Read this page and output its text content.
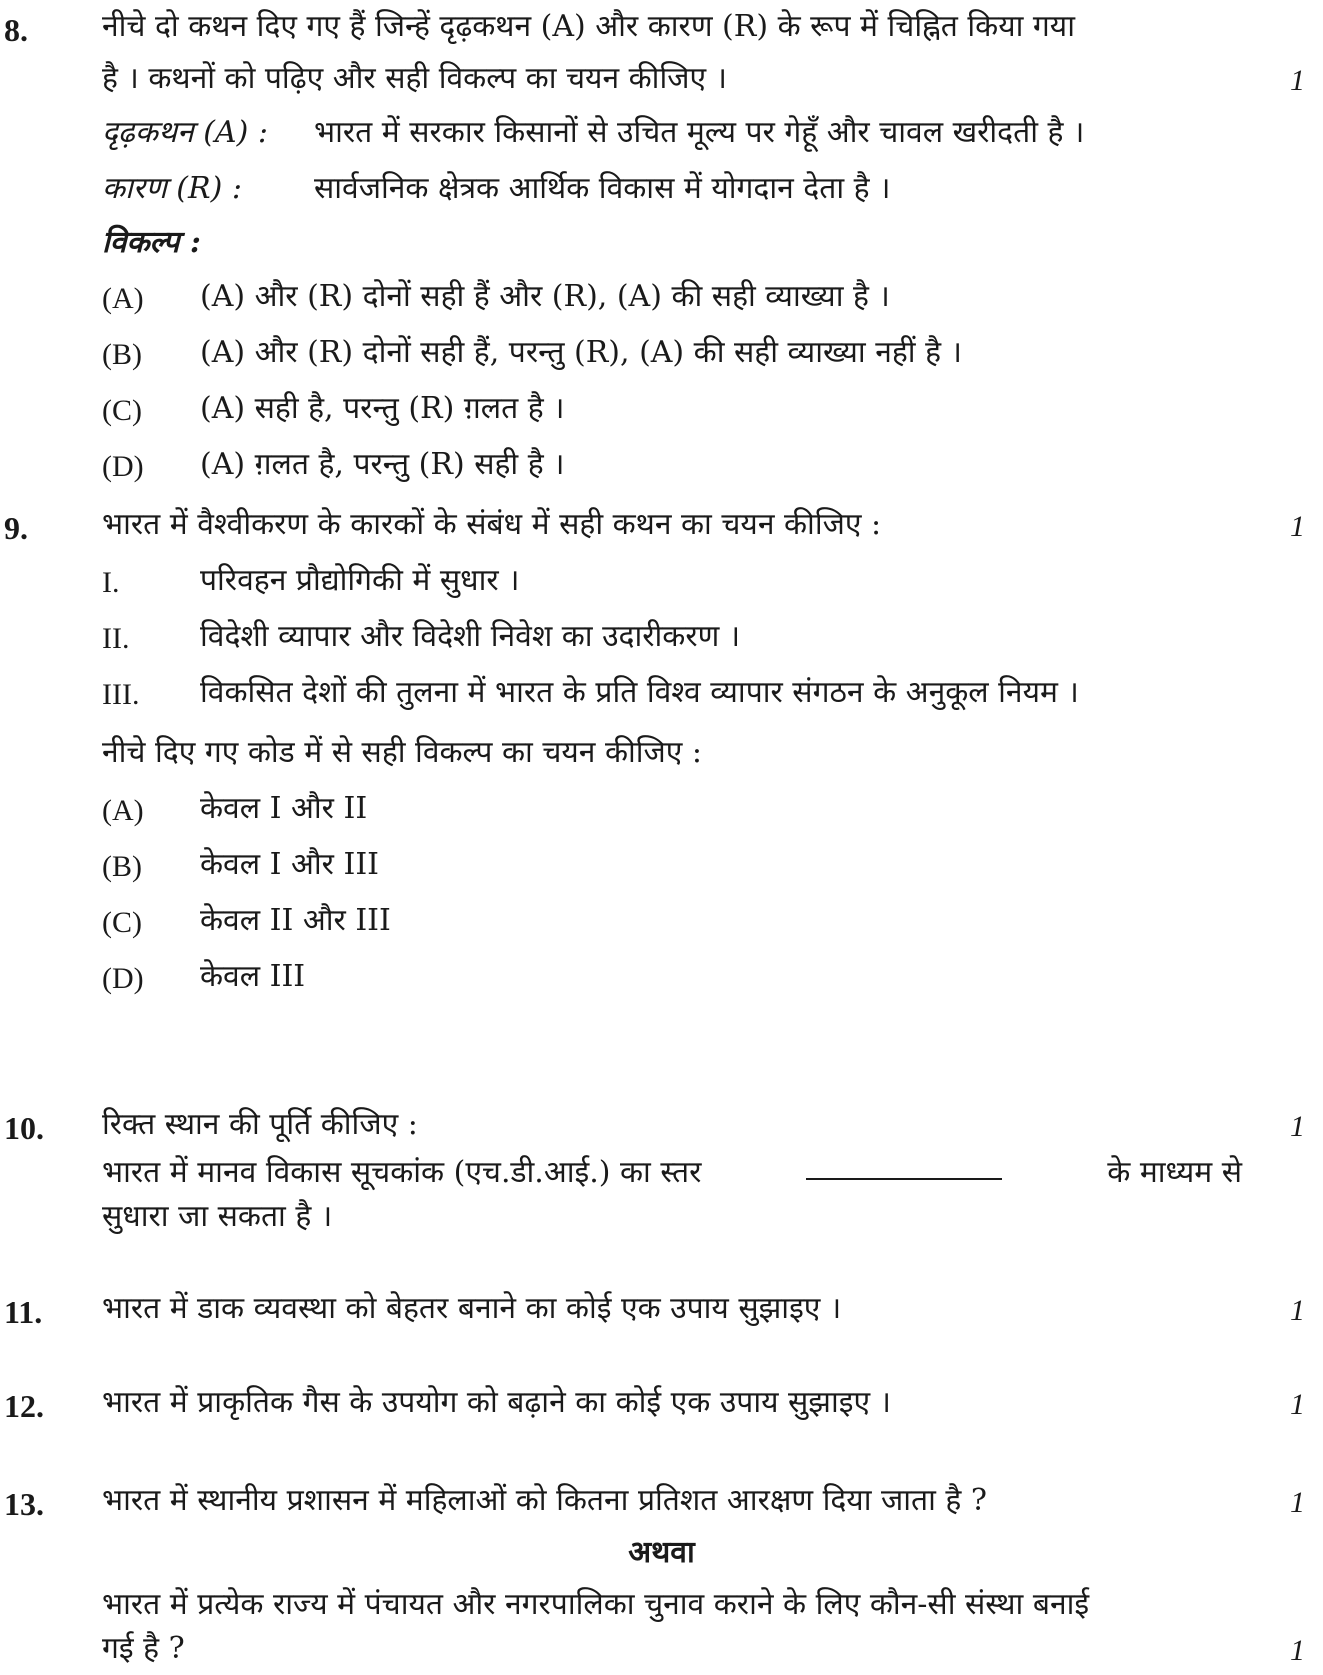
8. नीचे दो कथन दिए गए हैं जिन्हें दृढ़कथन (A) और कारण (R) के रूप में चिह्नित किया गया
है । कथनों को पढ़िए और सही विकल्प का चयन कीजिए ।	1
दृढ़कथन (A) : भारत में सरकार किसानों से उचित मूल्य पर गेहूँ और चावल खरीदती है ।
कारण (R) : सार्वजनिक क्षेत्रक आर्थिक विकास में योगदान देता है ।
विकल्प :
(A) (A) और (R) दोनों सही हैं और (R), (A) की सही व्याख्या है ।
(B) (A) और (R) दोनों सही हैं, परन्तु (R), (A) की सही व्याख्या नहीं है ।
(C) (A) सही है, परन्तु (R) ग़लत है ।
(D) (A) ग़लत है, परन्तु (R) सही है ।
9. भारत में वैश्वीकरण के कारकों के संबंध में सही कथन का चयन कीजिए :	1
I.	परिवहन प्रौद्योगिकी में सुधार ।
II. विदेशी व्यापार और विदेशी निवेश का उदारीकरण ।
III. विकसित देशों की तुलना में भारत के प्रति विश्व व्यापार संगठन के अनुकूल नियम ।
नीचे दिए गए कोड में से सही विकल्प का चयन कीजिए :
(A) केवल I और II
(B) केवल I और III
(C) केवल II और III
(D) केवल III
10. रिक्त स्थान की पूर्ति कीजिए :	1
भारत में मानव विकास सूचकांक (एच.डी.आई.) का स्तर	के माध्यम से
सुधारा जा सकता है ।
11. भारत में डाक व्यवस्था को बेहतर बनाने का कोई एक उपाय सुझाइए ।	1
12. भारत में प्राकृतिक गैस के उपयोग को बढ़ाने का कोई एक उपाय सुझाइए ।	1
13. भारत में स्थानीय प्रशासन में महिलाओं को कितना प्रतिशत आरक्षण दिया जाता है ?	1
अथवा
भारत में प्रत्येक राज्य में पंचायत और नगरपालिका चुनाव कराने के लिए कौन-सी संस्था बनाई
गई है ?	1
